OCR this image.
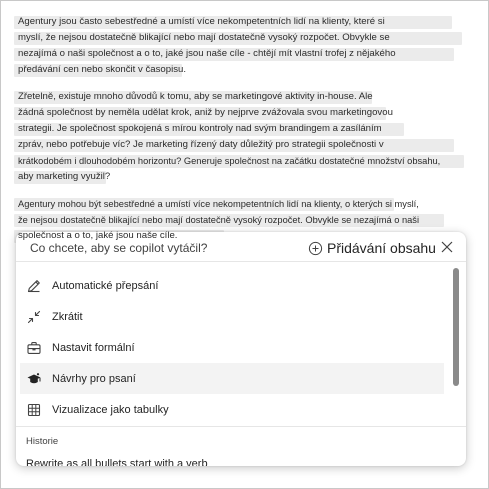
Agentury jsou často sebestředné a umístí více nekompetentních lidí na klienty, které si
myslí, že nejsou dostatečně blikající nebo mají dostatečně vysoký rozpočet. Obvykle se
nezajímá o naši společnost a o to, jaké jsou naše cíle - chtějí mít vlastní trofej z nějakého
předávání cen nebo skončit v časopisu.
Zřetelně, existuje mnoho důvodů k tomu, aby se marketingové aktivity in-house. Ale
žádná společnost by neměla udělat krok, aniž by nejprve zvážovala svou marketingovou
strategii. Je společnost spokojená s mírou kontroly nad svým brandingem a zasíláním
zpráv, nebo potřebuje víc? Je marketing řízený daty důležitý pro strategii společnosti v
krátkodobém i dlouhodobém horizontu? Generuje společnost na začátku dostatečné množství obsahu,
aby marketing využil?
Agentury mohou být sebestředné a umístí více nekompetentních lidí na klienty, o kterých si myslí,
že nejsou dostatečně blikající nebo mají dostatečně vysoký rozpočet. Obvykle se nezajímá o naši
společnost a o to, jaké jsou naše cíle.
Co chcete, aby se copilot vytáčil?	Přidávání obsahu
Automatické přepsání
Zkrátit
Nastavit formální
Návrhy pro psaní
Vizualizace jako tabulky
Historie
Rewrite as all bullets start with a verb
